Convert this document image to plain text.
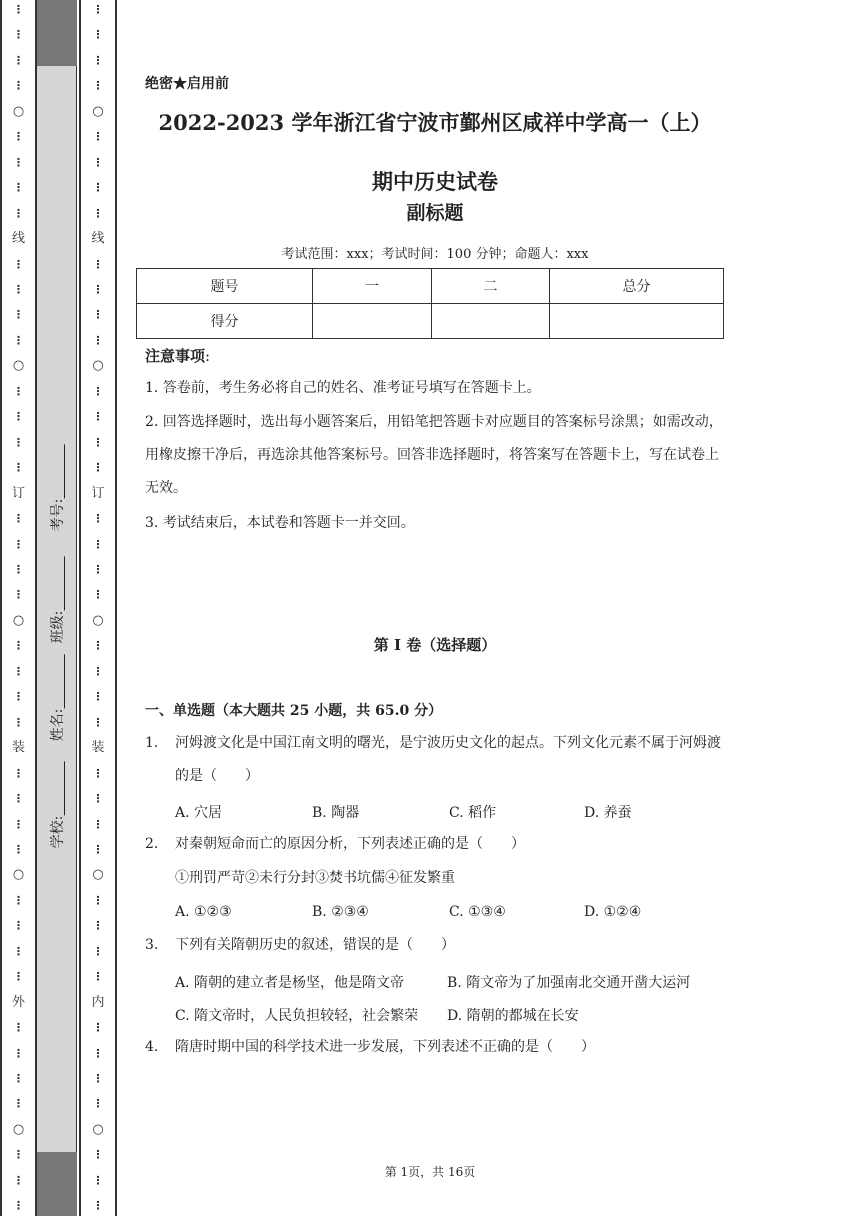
⋮
⋮
⋮
⋮
○
⋮
⋮
⋮
⋮
线
⋮
⋮
⋮
⋮
○
⋮
⋮
⋮
⋮
订
⋮
⋮
⋮
⋮
○
⋮
⋮
⋮
⋮
装
⋮
⋮
⋮
⋮
○
⋮
⋮
⋮
⋮
外
⋮
⋮
⋮
⋮
○
⋮
⋮
⋮
学校:
姓名:
班级:
考号:
⋮
⋮
⋮
⋮
○
⋮
⋮
⋮
⋮
线
⋮
⋮
⋮
⋮
○
⋮
⋮
⋮
⋮
订
⋮
⋮
⋮
⋮
○
⋮
⋮
⋮
⋮
装
⋮
⋮
⋮
⋮
○
⋮
⋮
⋮
⋮
内
⋮
⋮
⋮
⋮
○
⋮
⋮
⋮
绝密★启用前
2022-2023 学年浙江省宁波市鄞州区咸祥中学高一（上）
期中历史试卷
副标题
考试范围：xxx；考试时间：100 分钟；命题人：xxx
题号	一	二	总分
得分			
注意事项:
1. 答卷前，考生务必将自己的姓名、准考证号填写在答题卡上。
2. 回答选择题时，选出每小题答案后，用铅笔把答题卡对应题目的答案标号涂黑；如需改动，用橡皮擦干净后，再选涂其他答案标号。回答非选择题时，将答案写在答题卡上，写在试卷上无效。
3. 考试结束后，本试卷和答题卡一并交回。
第 I 卷（选择题）
一、单选题（本大题共 25 小题，共 65.0 分）
1. 河姆渡文化是中国江南文明的曙光，是宁波历史文化的起点。下列文化元素不属于河姆渡的是（　　）
A. 穴居	B. 陶器	C. 稻作	D. 养蚕
2. 对秦朝短命而亡的原因分析，下列表述正确的是（　　）
①刑罚严苛②未行分封③焚书坑儒④征发繁重
A. ①②③	B. ②③④	C. ①③④	D. ①②④
3. 下列有关隋朝历史的叙述，错误的是（　　）
A. 隋朝的建立者是杨坚，他是隋文帝	B. 隋文帝为了加强南北交通开凿大运河
C. 隋文帝时，人民负担较轻，社会繁荣 D. 隋朝的都城在长安
4. 隋唐时期中国的科学技术进一步发展，下列表述不正确的是（　　）
第 1页，共 16页
